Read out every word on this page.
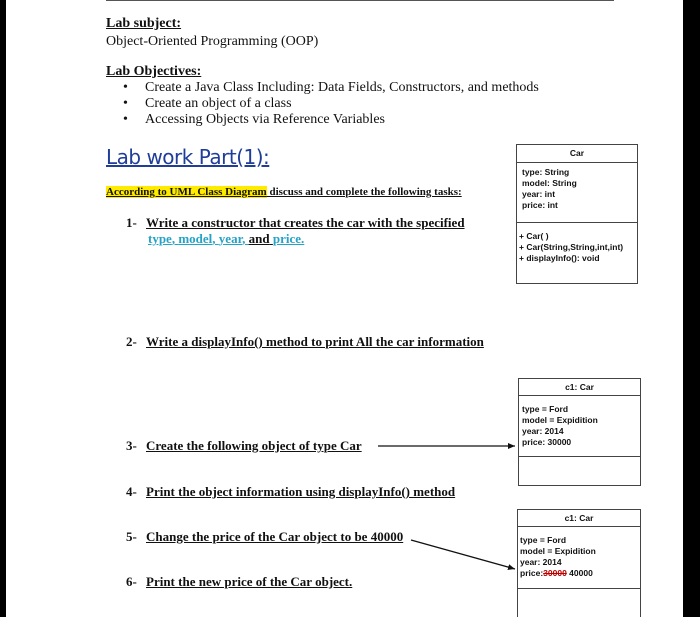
Lab subject:
Object-Oriented Programming (OOP)
Lab Objectives:
• Create a Java Class Including: Data Fields, Constructors, and methods
• Create an object of a class
• Accessing Objects via Reference Variables
Lab work Part(1):
According to UML Class Diagram discuss and complete the following tasks:
1- Write a constructor that creates the car with the specified
type, model, year, and price.
2- Write a displayInfo() method to print All the car information
3- Create the following object of type Car
4- Print the object information using displayInfo() method
5- Change the price of the Car object to be 40000
6- Print the new price of the Car object.
Car
type: String
model: String
year: int
price: int
+ Car( )
+ Car(String,String,int,int)
+ displayInfo(): void
c1: Car
type = Ford
model = Expidition
year: 2014
price: 30000
c1: Car
type = Ford
model = Expidition
year: 2014
price:30000 40000
